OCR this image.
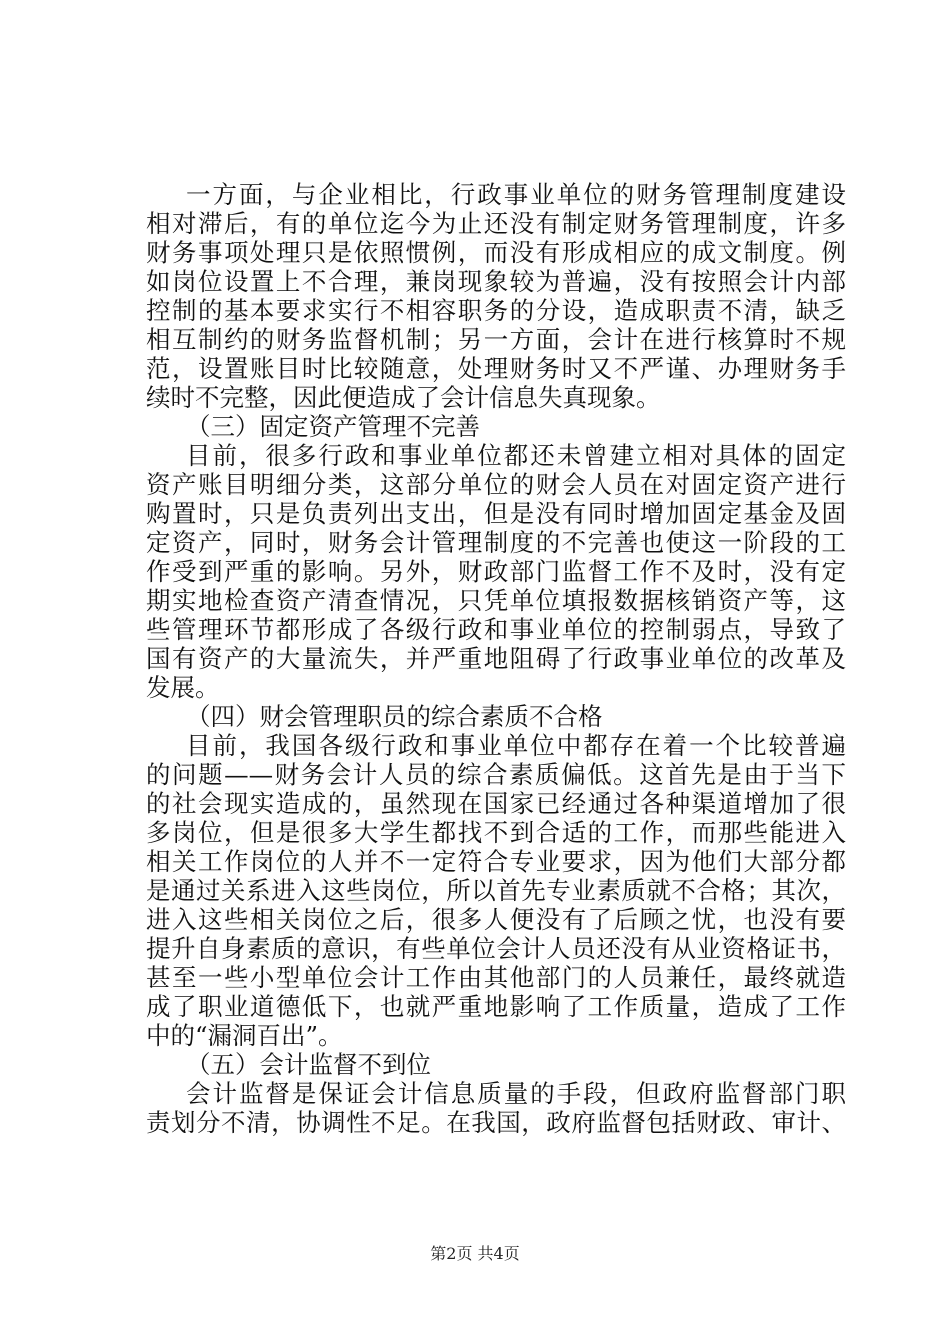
一方面，与企业相比，行政事业单位的财务管理制度建设
相对滞后，有的单位迄今为止还没有制定财务管理制度，许多
财务事项处理只是依照惯例，而没有形成相应的成文制度。例
如岗位设置上不合理，兼岗现象较为普遍，没有按照会计内部
控制的基本要求实行不相容职务的分设，造成职责不清，缺乏
相互制约的财务监督机制；另一方面，会计在进行核算时不规
范，设置账目时比较随意，处理财务时又不严谨、办理财务手
续时不完整，因此便造成了会计信息失真现象。
（三）固定资产管理不完善
目前，很多行政和事业单位都还未曾建立相对具体的固定
资产账目明细分类，这部分单位的财会人员在对固定资产进行
购置时，只是负责列出支出，但是没有同时增加固定基金及固
定资产，同时，财务会计管理制度的不完善也使这一阶段的工
作受到严重的影响。另外，财政部门监督工作不及时，没有定
期实地检查资产清查情况，只凭单位填报数据核销资产等，这
些管理环节都形成了各级行政和事业单位的控制弱点，导致了
国有资产的大量流失，并严重地阻碍了行政事业单位的改革及
发展。
（四）财会管理职员的综合素质不合格
目前，我国各级行政和事业单位中都存在着一个比较普遍
的问题——财务会计人员的综合素质偏低。这首先是由于当下
的社会现实造成的，虽然现在国家已经通过各种渠道增加了很
多岗位，但是很多大学生都找不到合适的工作，而那些能进入
相关工作岗位的人并不一定符合专业要求，因为他们大部分都
是通过关系进入这些岗位，所以首先专业素质就不合格；其次，
进入这些相关岗位之后，很多人便没有了后顾之忧，也没有要
提升自身素质的意识，有些单位会计人员还没有从业资格证书，
甚至一些小型单位会计工作由其他部门的人员兼任，最终就造
成了职业道德低下，也就严重地影响了工作质量，造成了工作
中的“漏洞百出”。
（五）会计监督不到位
会计监督是保证会计信息质量的手段，但政府监督部门职
责划分不清，协调性不足。在我国，政府监督包括财政、审计、
第2页 共4页
